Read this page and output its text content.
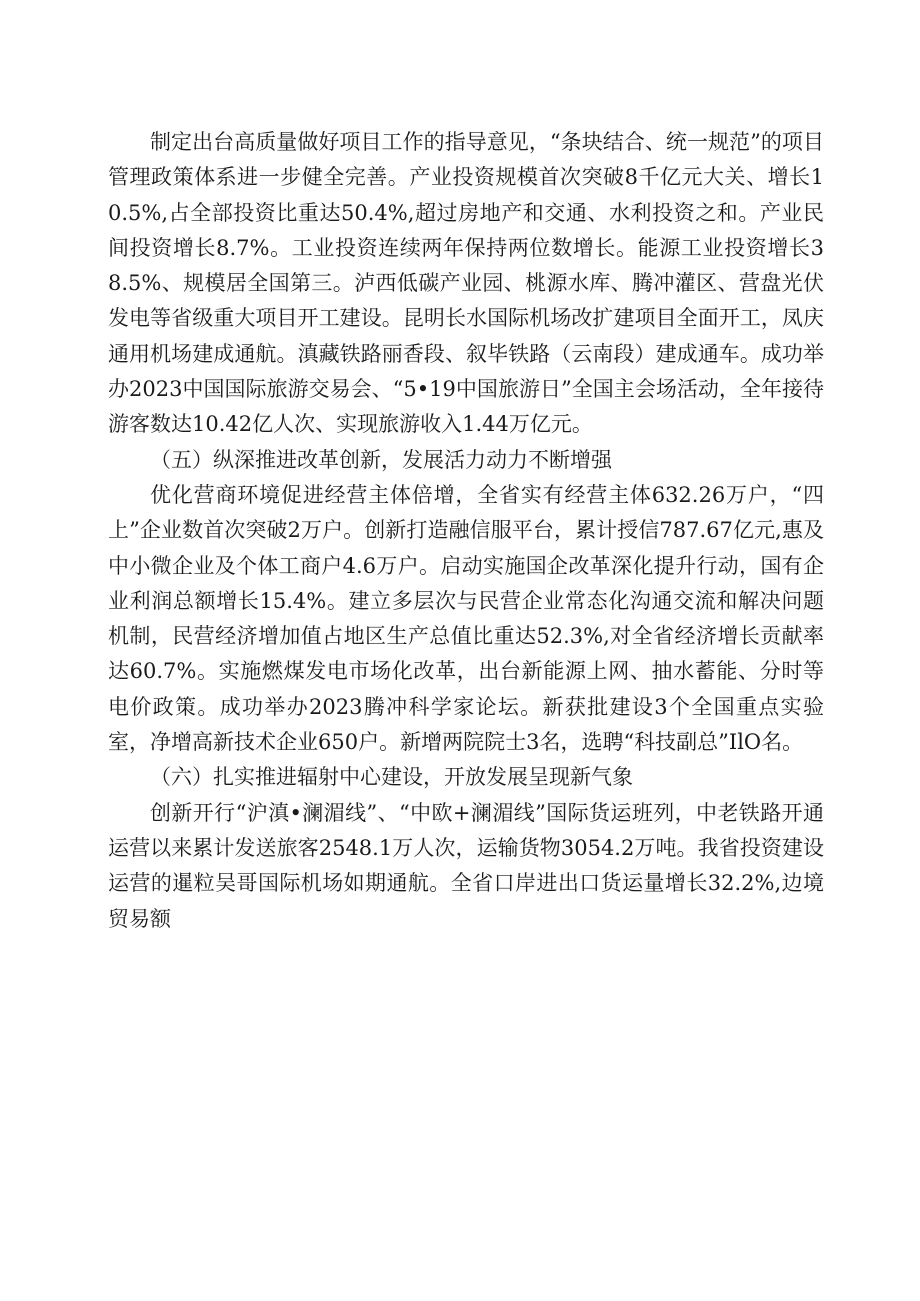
制定出台高质量做好项目工作的指导意见，“条块结合、统一规范”的项目管理政策体系进一步健全完善。产业投资规模首次突破8千亿元大关、增长10.5%,占全部投资比重达50.4%,超过房地产和交通、水利投资之和。产业民间投资增长8.7%。工业投资连续两年保持两位数增长。能源工业投资增长38.5%、规模居全国第三。泸西低碳产业园、桃源水库、腾冲灌区、营盘光伏发电等省级重大项目开工建设。昆明长水国际机场改扩建项目全面开工，凤庆通用机场建成通航。滇藏铁路丽香段、叙毕铁路（云南段）建成通车。成功举办2023中国国际旅游交易会、“5•19中国旅游日”全国主会场活动，全年接待游客数达10.42亿人次、实现旅游收入1.44万亿元。

（五）纵深推进改革创新，发展活力动力不断增强

优化营商环境促进经营主体倍增，全省实有经营主体632.26万户，“四上”企业数首次突破2万户。创新打造融信服平台，累计授信787.67亿元,惠及中小微企业及个体工商户4.6万户。启动实施国企改革深化提升行动，国有企业利润总额增长15.4%。建立多层次与民营企业常态化沟通交流和解决问题机制，民营经济增加值占地区生产总值比重达52.3%,对全省经济增长贡献率达60.7%。实施燃煤发电市场化改革，出台新能源上网、抽水蓄能、分时等电价政策。成功举办2023腾冲科学家论坛。新获批建设3个全国重点实验室，净增高新技术企业650户。新增两院院士3名，选聘“科技副总”IlO名。

（六）扎实推进辐射中心建设，开放发展呈现新气象

创新开行“沪滇•澜湄线”、“中欧+澜湄线”国际货运班列，中老铁路开通运营以来累计发送旅客2548.1万人次，运输货物3054.2万吨。我省投资建设运营的暹粒吴哥国际机场如期通航。全省口岸进出口货运量增长32.2%,边境贸易额
